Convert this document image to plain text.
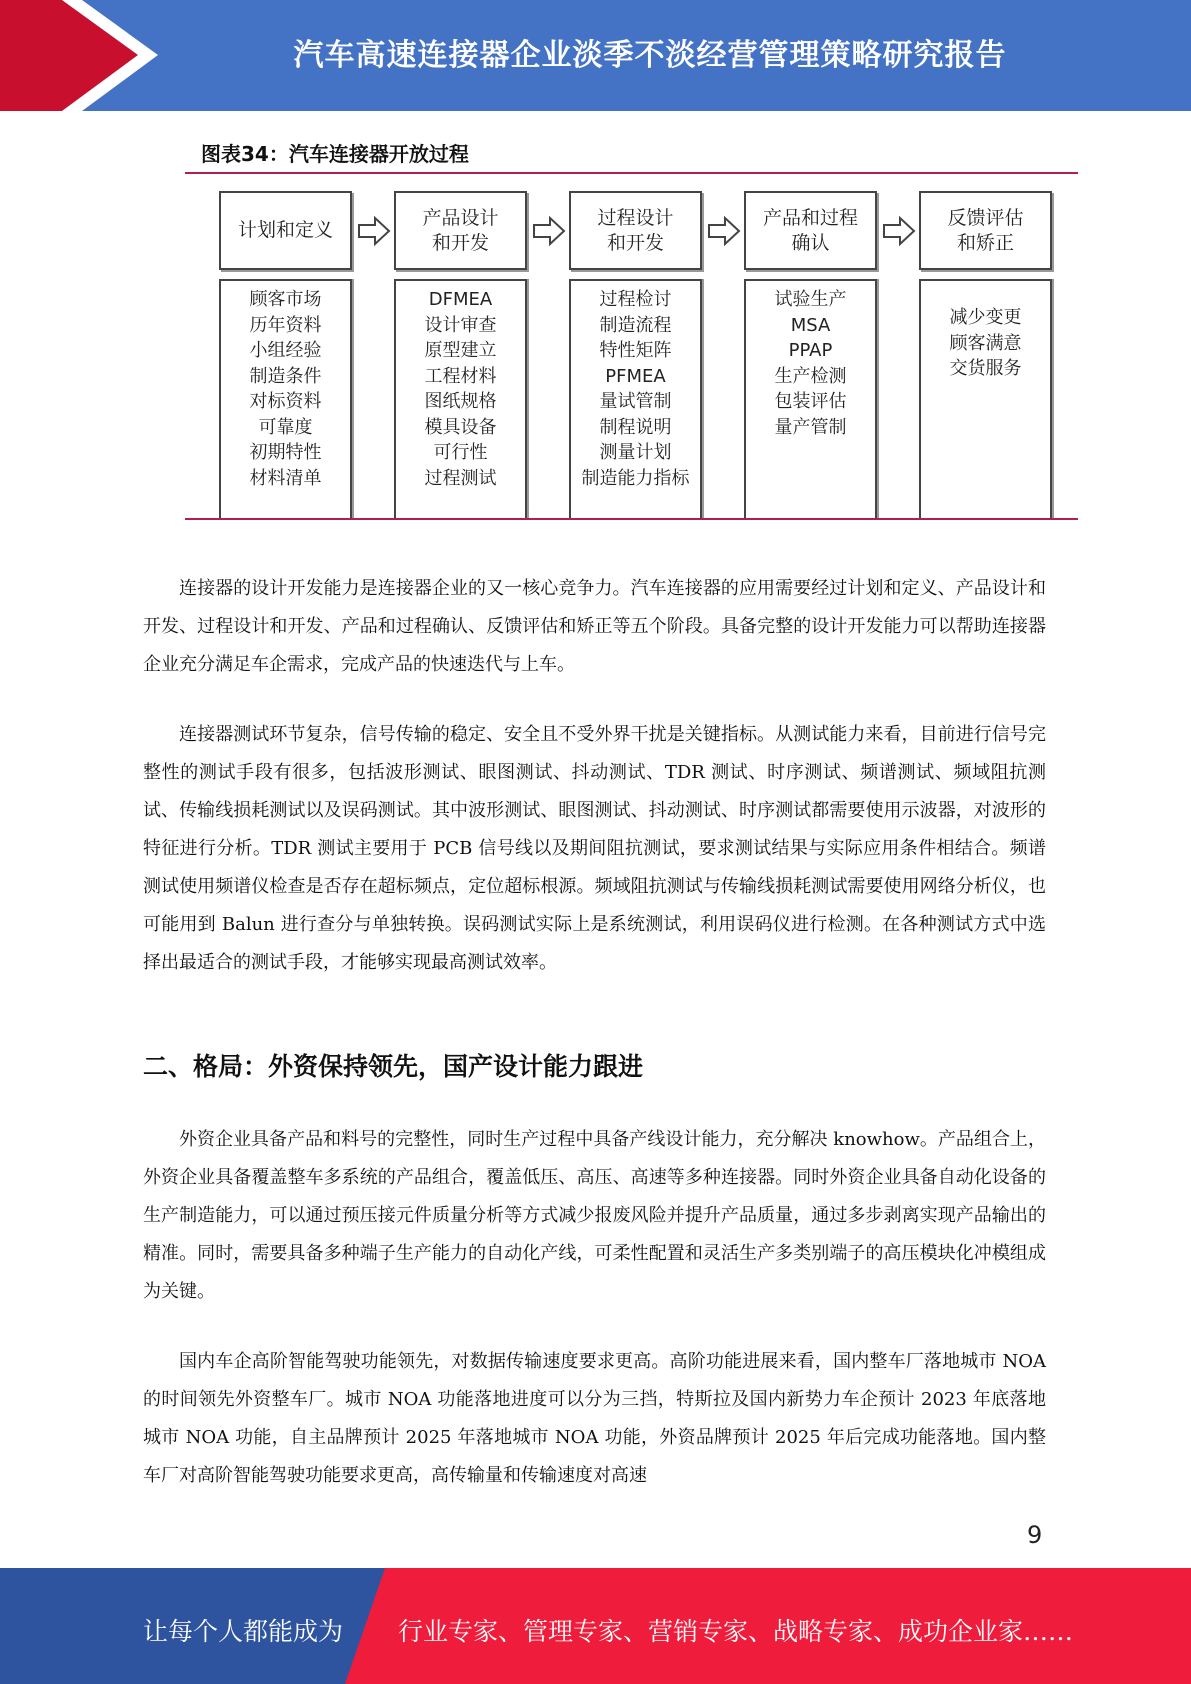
汽车高速连接器企业淡季不淡经营管理策略研究报告
图表34：汽车连接器开放过程
计划和定义
产品设计
和开发
过程设计
和开发
产品和过程
确认
反馈评估
和矫正
顾客市场
历年资料
小组经验
制造条件
对标资料
可靠度
初期特性
材料清单
DFMEA
设计审查
原型建立
工程材料
图纸规格
模具设备
可行性
过程测试
过程检讨
制造流程
特性矩阵
PFMEA
量试管制
制程说明
测量计划
制造能力指标
试验生产
MSA
PPAP
生产检测
包装评估
量产管制
减少变更
顾客满意
交货服务

连接器的设计开发能力是连接器企业的又一核心竞争力。汽车连接器的应用需要经过计划和定义、产品设计和开发、过程设计和开发、产品和过程确认、反馈评估和矫正等五个阶段。具备完整的设计开发能力可以帮助连接器企业充分满足车企需求，完成产品的快速迭代与上车。

连接器测试环节复杂，信号传输的稳定、安全且不受外界干扰是关键指标。从测试能力来看，目前进行信号完整性的测试手段有很多，包括波形测试、眼图测试、抖动测试、TDR 测试、时序测试、频谱测试、频域阻抗测试、传输线损耗测试以及误码测试。其中波形测试、眼图测试、抖动测试、时序测试都需要使用示波器，对波形的特征进行分析。TDR 测试主要用于 PCB 信号线以及期间阻抗测试，要求测试结果与实际应用条件相结合。频谱测试使用频谱仪检查是否存在超标频点，定位超标根源。频域阻抗测试与传输线损耗测试需要使用网络分析仪，也可能用到 Balun 进行查分与单独转换。误码测试实际上是系统测试，利用误码仪进行检测。在各种测试方式中选择出最适合的测试手段，才能够实现最高测试效率。

二、格局：外资保持领先，国产设计能力跟进

外资企业具备产品和料号的完整性，同时生产过程中具备产线设计能力，充分解决 knowhow。产品组合上，外资企业具备覆盖整车多系统的产品组合，覆盖低压、高压、高速等多种连接器。同时外资企业具备自动化设备的生产制造能力，可以通过预压接元件质量分析等方式减少报废风险并提升产品质量，通过多步剥离实现产品输出的精准。同时，需要具备多种端子生产能力的自动化产线，可柔性配置和灵活生产多类别端子的高压模块化冲模组成为关键。

国内车企高阶智能驾驶功能领先，对数据传输速度要求更高。高阶功能进展来看，国内整车厂落地城市 NOA 的时间领先外资整车厂。城市 NOA 功能落地进度可以分为三挡，特斯拉及国内新势力车企预计 2023 年底落地城市 NOA 功能，自主品牌预计 2025 年落地城市 NOA 功能，外资品牌预计 2025 年后完成功能落地。国内整车厂对高阶智能驾驶功能要求更高，高传输量和传输速度对高速

9
让每个人都能成为 行业专家、管理专家、营销专家、战略专家、成功企业家……
